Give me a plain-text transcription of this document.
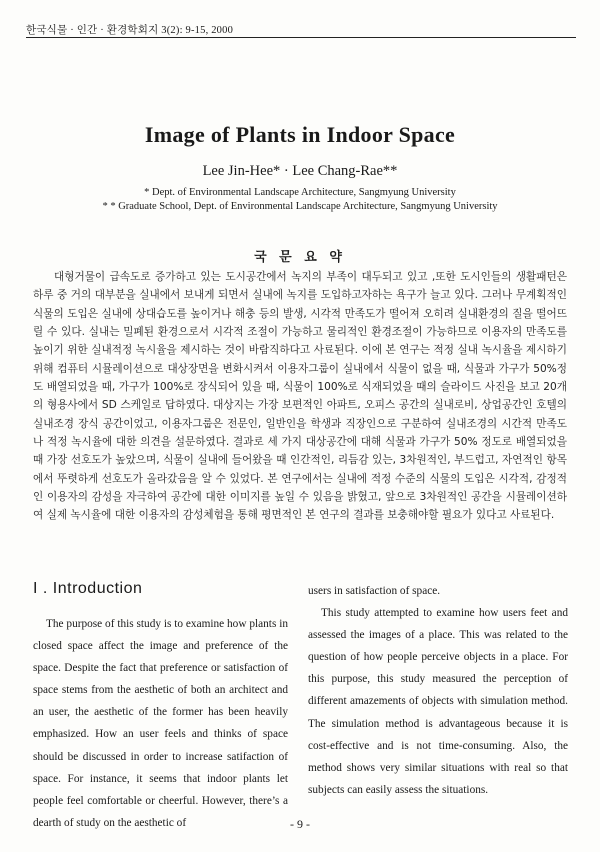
한국식물 · 인간 · 환경학회지 3(2): 9-15, 2000
Image of Plants in Indoor Space
Lee Jin-Hee* · Lee Chang-Rae**
* Dept. of Environmental Landscape Architecture, Sangmyung University
* * Graduate School, Dept. of Environmental Landscape Architecture, Sangmyung University
국 문 요 약

대형거물이 급속도로 증가하고 있는 도시공간에서 녹지의 부족이 대두되고 있고 ,또한 도시인들의 생활패턴은 하루 중 거의 대부분을 실내에서 보내게 되면서 실내에 녹지를 도입하고자하는 욕구가 늘고 있다. 그러나 무계획적인 식물의 도입은 실내에 상대습도를 높이거나 해충 등의 발생, 시각적 만족도가 떨어져 오히려 실내환경의 질을 떨어뜨릴 수 있다. 실내는 밀폐된 환경으로서 시각적 조절이 가능하고 물리적인 환경조절이 가능하므로 이용자의 만족도를 높이기 위한 실내적정 녹시율을 제시하는 것이 바람직하다고 사료된다. 이에 본 연구는 적정 실내 녹시율을 제시하기 위해 컴퓨터 시뮬레이션으로 대상장면을 변화시켜서 이용자그룹이 실내에서 식물이 없을 때, 식물과 가구가 50%정도 배열되었을 때, 가구가 100%로 장식되어 있을 때, 식물이 100%로 식재되었을 때의 슬라이드 사진을 보고 20개의 형용사에서 SD 스케일로 답하였다. 대상지는 가장 보편적인 아파트, 오피스 공간의 실내로비, 상업공간인 호텔의 실내조경 장식 공간이었고, 이용자그룹은 전문인, 일반인을 학생과 직장인으로 구분하여 실내조경의 시간적 만족도나 적정 녹시율에 대한 의견을 설문하였다. 결과로 세 가지 대상공간에 대해 식물과 가구가 50% 정도로 배열되었을 때 가장 선호도가 높았으며, 식물이 실내에 들어왔을 때 인간적인, 리듬감 있는, 3차원적인, 부드럽고, 자연적인 항목에서 뚜렷하게 선호도가 올라갔음을 알 수 있었다. 본 연구에서는 실내에 적정 수준의 식물의 도입은 시각적, 감정적인 이용자의 감성을 자극하여 공간에 대한 이미지를 높일 수 있음을 밝혔고, 앞으로 3차원적인 공간을 시뮬레이션하여 실제 녹시율에 대한 이용자의 감성체험을 통해 평면적인 본 연구의 결과를 보충해야할 필요가 있다고 사료된다.

I . Introduction

The purpose of this study is to examine how plants in closed space affect the image and preference of the space. Despite the fact that preference or satisfaction of space stems from the aesthetic of both an architect and an user, the aesthetic of the former has been heavily emphasized. How an user feels and thinks of space should be discussed in order to increase satifaction of space. For instance, it seems that indoor plants let people feel comfortable or cheerful. However, there’s a dearth of study on the aesthetic of

users in satisfaction of space.

This study attempted to examine how users feet and assessed the images of a place. This was related to the question of how people perceive objects in a place. For this purpose, this study measured the perception of different amazements of objects with simulation method. The simulation method is advantageous because it is cost-effective and is not time-consuming. Also, the method shows very similar situations with real so that subjects can easily assess the situations.

- 9 -
